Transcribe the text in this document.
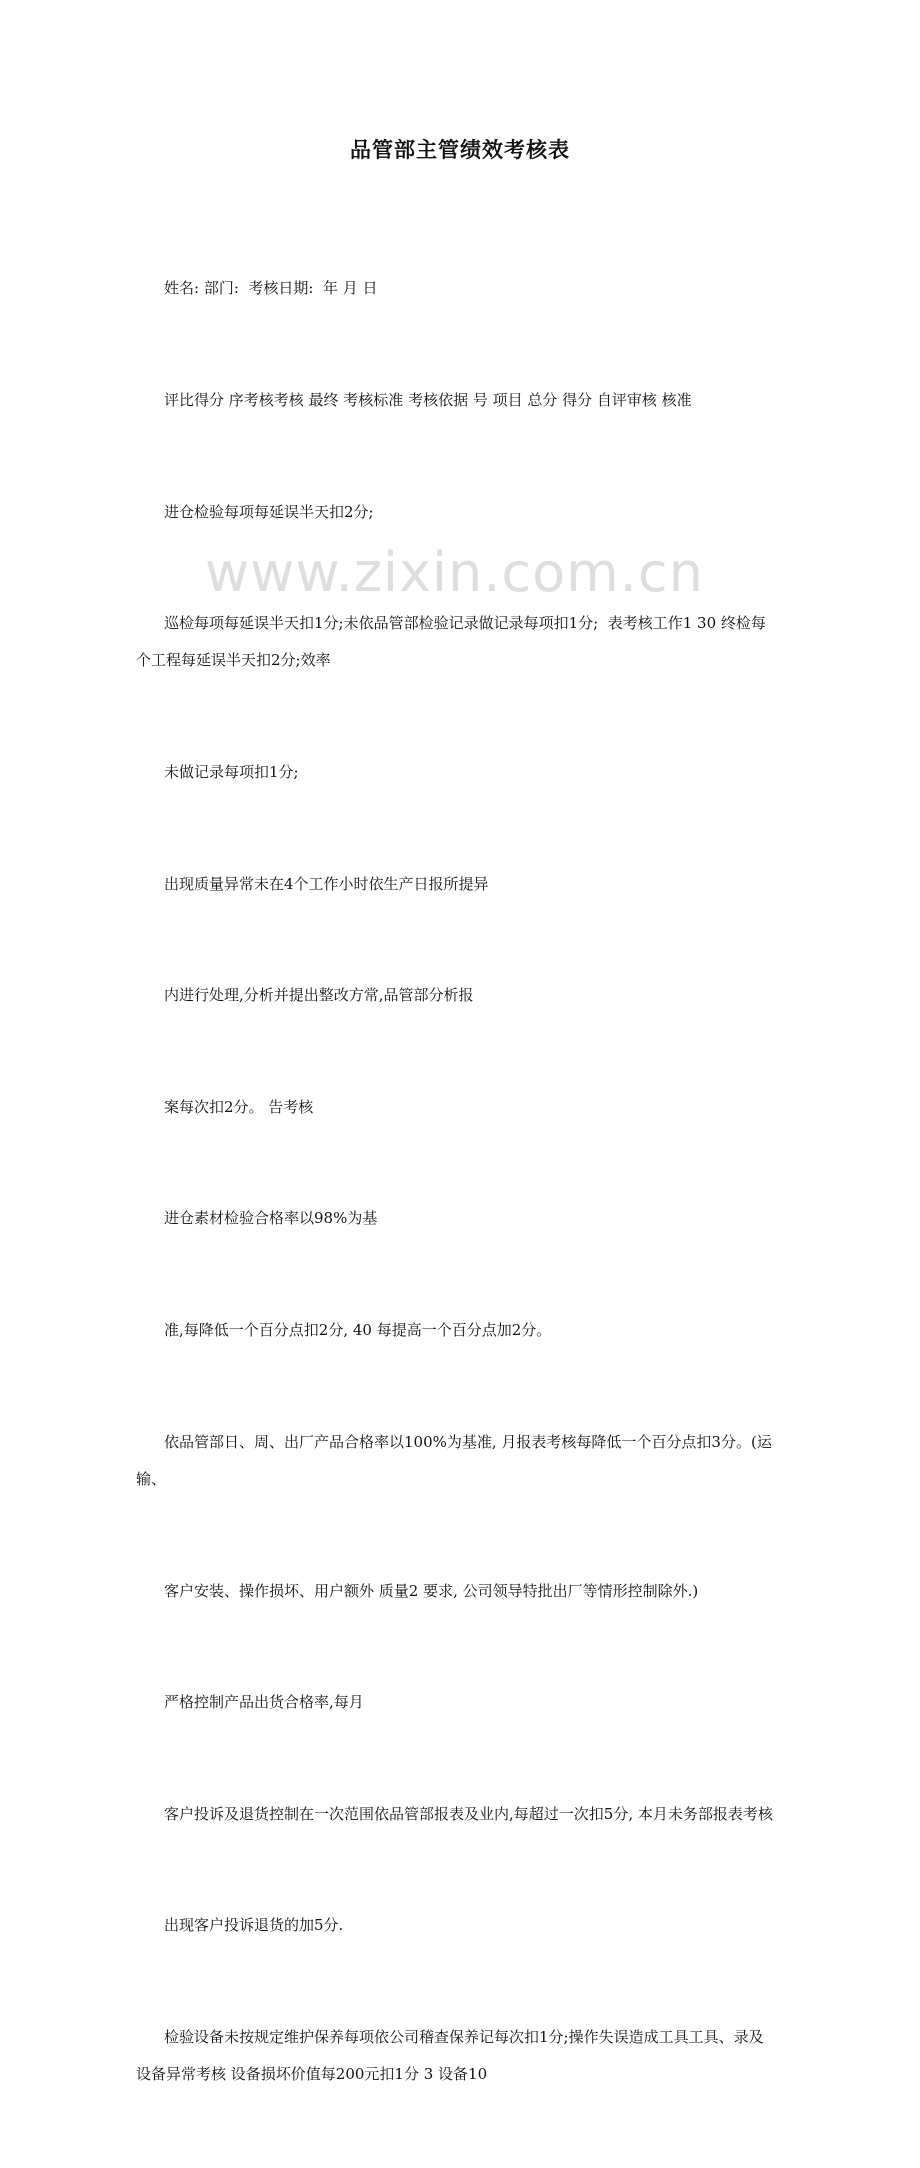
品管部主管绩效考核表

姓名: 部门:  考核日期:  年 月 日

评比得分 序考核考核 最终 考核标准 考核依据 号 项目 总分 得分 自评审核 核准

进仓检验每项每延误半天扣2分;

巡检每项每延误半天扣1分;未依品管部检验记录做记录每项扣1分;  表考核工作1 30 终检每个工程每延误半天扣2分;效率

未做记录每项扣1分;

出现质量异常未在4个工作小时依生产日报所提异

内进行处理,分析并提出整改方常,品管部分析报

案每次扣2分。 告考核

进仓素材检验合格率以98%为基

准,每降低一个百分点扣2分, 40 每提高一个百分点加2分。

依品管部日、周、出厂产品合格率以100%为基准, 月报表考核每降低一个百分点扣3分。(运输、

客户安装、操作损坏、用户额外 质量2 要求, 公司领导特批出厂等情形控制除外.)

严格控制产品出货合格率,每月

客户投诉及退货控制在一次范围依品管部报表及业内,每超过一次扣5分, 本月未务部报表考核

出现客户投诉退货的加5分.

检验设备未按规定维护保养每项依公司稽查保养记每次扣1分;操作失误造成工具工具、录及设备异常考核 设备损坏价值每200元扣1分 3 设备10

www.zixin.com.cn
